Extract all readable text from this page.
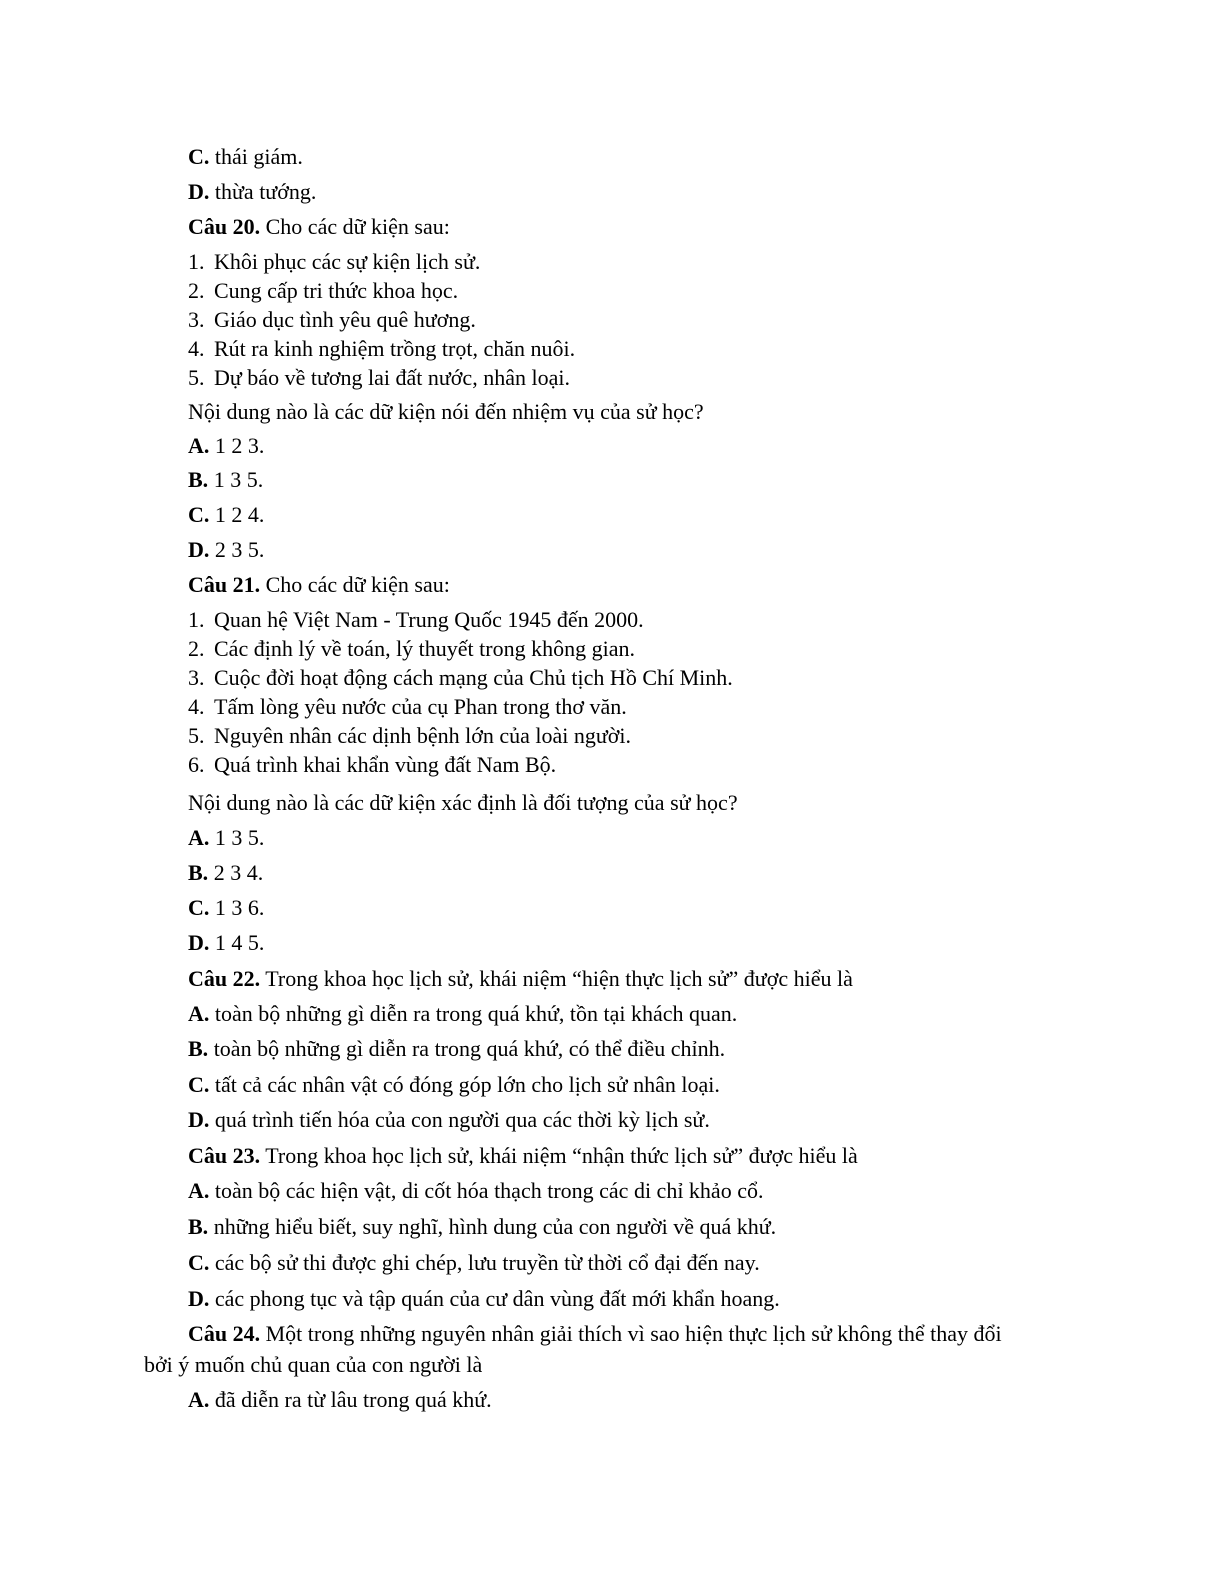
C. thái giám.
D. thừa tướng.
Câu 20. Cho các dữ kiện sau:
1. Khôi phục các sự kiện lịch sử.
2. Cung cấp tri thức khoa học.
3. Giáo dục tình yêu quê hương.
4. Rút ra kinh nghiệm trồng trọt, chăn nuôi.
5. Dự báo về tương lai đất nước, nhân loại.
Nội dung nào là các dữ kiện nói đến nhiệm vụ của sử học?
A. 1 2 3.
B. 1 3 5.
C. 1 2 4.
D. 2 3 5.
Câu 21. Cho các dữ kiện sau:
1. Quan hệ Việt Nam - Trung Quốc 1945 đến 2000.
2. Các định lý về toán, lý thuyết trong không gian.
3. Cuộc đời hoạt động cách mạng của Chủ tịch Hồ Chí Minh.
4. Tấm lòng yêu nước của cụ Phan trong thơ văn.
5. Nguyên nhân các dịnh bệnh lớn của loài người.
6. Quá trình khai khẩn vùng đất Nam Bộ.
Nội dung nào là các dữ kiện xác định là đối tượng của sử học?
A. 1 3 5.
B. 2 3 4.
C. 1 3 6.
D. 1 4 5.
Câu 22. Trong khoa học lịch sử, khái niệm “hiện thực lịch sử” được hiểu là
A. toàn bộ những gì diễn ra trong quá khứ, tồn tại khách quan.
B. toàn bộ những gì diễn ra trong quá khứ, có thể điều chỉnh.
C. tất cả các nhân vật có đóng góp lớn cho lịch sử nhân loại.
D. quá trình tiến hóa của con người qua các thời kỳ lịch sử.
Câu 23. Trong khoa học lịch sử, khái niệm “nhận thức lịch sử” được hiểu là
A. toàn bộ các hiện vật, di cốt hóa thạch trong các di chỉ khảo cổ.
B. những hiểu biết, suy nghĩ, hình dung của con người về quá khứ.
C. các bộ sử thi được ghi chép, lưu truyền từ thời cổ đại đến nay.
D. các phong tục và tập quán của cư dân vùng đất mới khẩn hoang.
Câu 24. Một trong những nguyên nhân giải thích vì sao hiện thực lịch sử không thể thay đổi
bởi ý muốn chủ quan của con người là
A. đã diễn ra từ lâu trong quá khứ.
